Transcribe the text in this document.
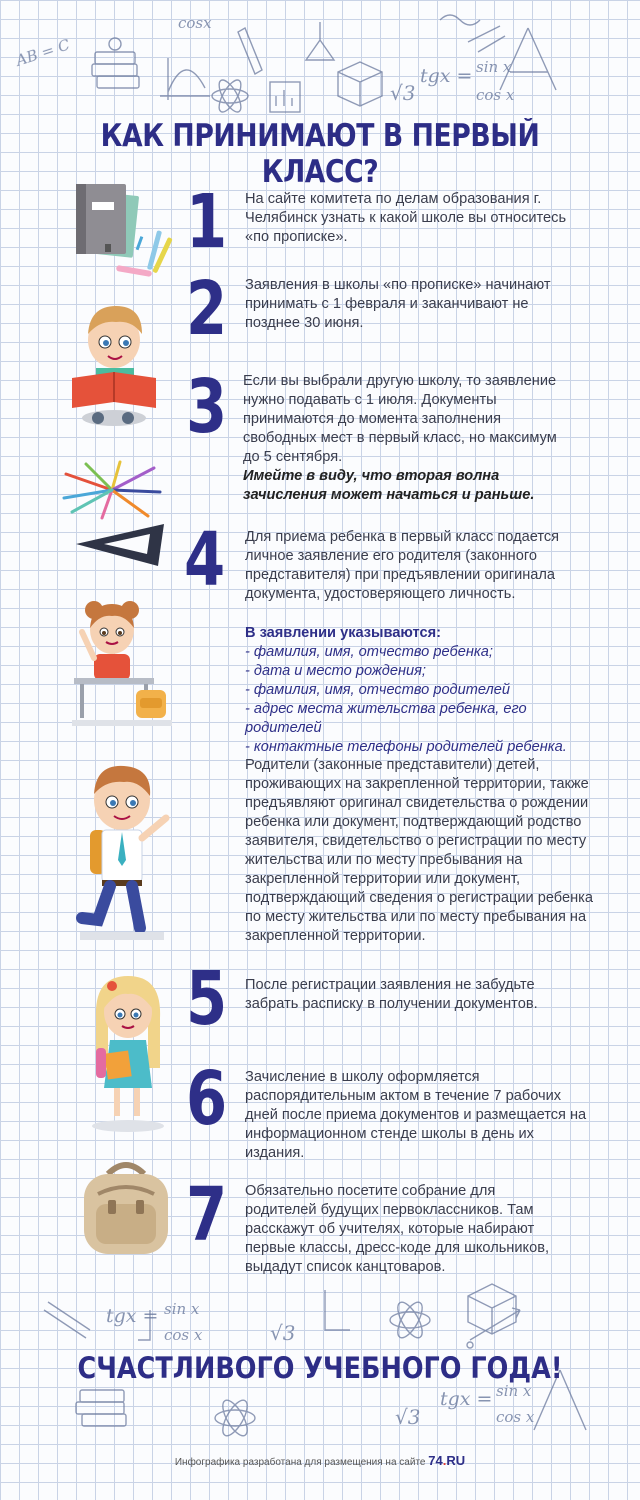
AB = C
cosx
√3
tgx = sin x
cos x
tgx = sin x
cos x	√3
√3
tgx = sin x
cos x
КАК ПРИНИМАЮТ В ПЕРВЫЙ КЛАСС?
1
2
3
4
5
6
7
На сайте комитета по делам образования г. Челябинск узнать к какой школе вы относитесь «по прописке».
Заявления в школы «по прописке» начинают принимать с 1 февраля и заканчивают не позднее 30 июня.
Если вы выбрали другую школу, то заявление нужно подавать с 1 июля. Документы принимаются до момента заполнения свободных мест в первый класс, но максимум до 5 сентября.
Имейте в виду, что вторая волна зачисления может начаться и раньше.
Для приема ребенка в первый класс подается личное заявление его родителя (законного представителя) при предъявлении оригинала документа, удостоверяющего личность.
В заявлении указываются:
- фамилия, имя, отчество ребенка;
- дата и место рождения;
- фамилия, имя, отчество родителей
- адрес места жительства ребенка, его родителей
- контактные телефоны родителей ребенка.
Родители (законные представители) детей, проживающих на закрепленной территории, также предъявляют оригинал свидетельства о рождении ребенка или документ, подтверждающий родство заявителя, свидетельство о регистрации по месту жительства или по месту пребывания на закрепленной территории или документ, подтверждающий сведения о регистрации ребенка по месту жительства или по месту пребывания на закрепленной территории.
После регистрации заявления не забудьте забрать расписку в получении документов.
Зачисление в школу оформляется распорядительным актом в течение 7 рабочих дней после приема документов и размещается на информационном стенде школы в день их издания.
Обязательно посетите собрание для родителей будущих первоклассников. Там расскажут об учителях, которые набирают первые классы, дресс-коде для школьников, выдадут список канцтоваров.
СЧАСТЛИВОГО УЧЕБНОГО ГОДА!
Инфографика разработана для размещения на сайте 74.RU
